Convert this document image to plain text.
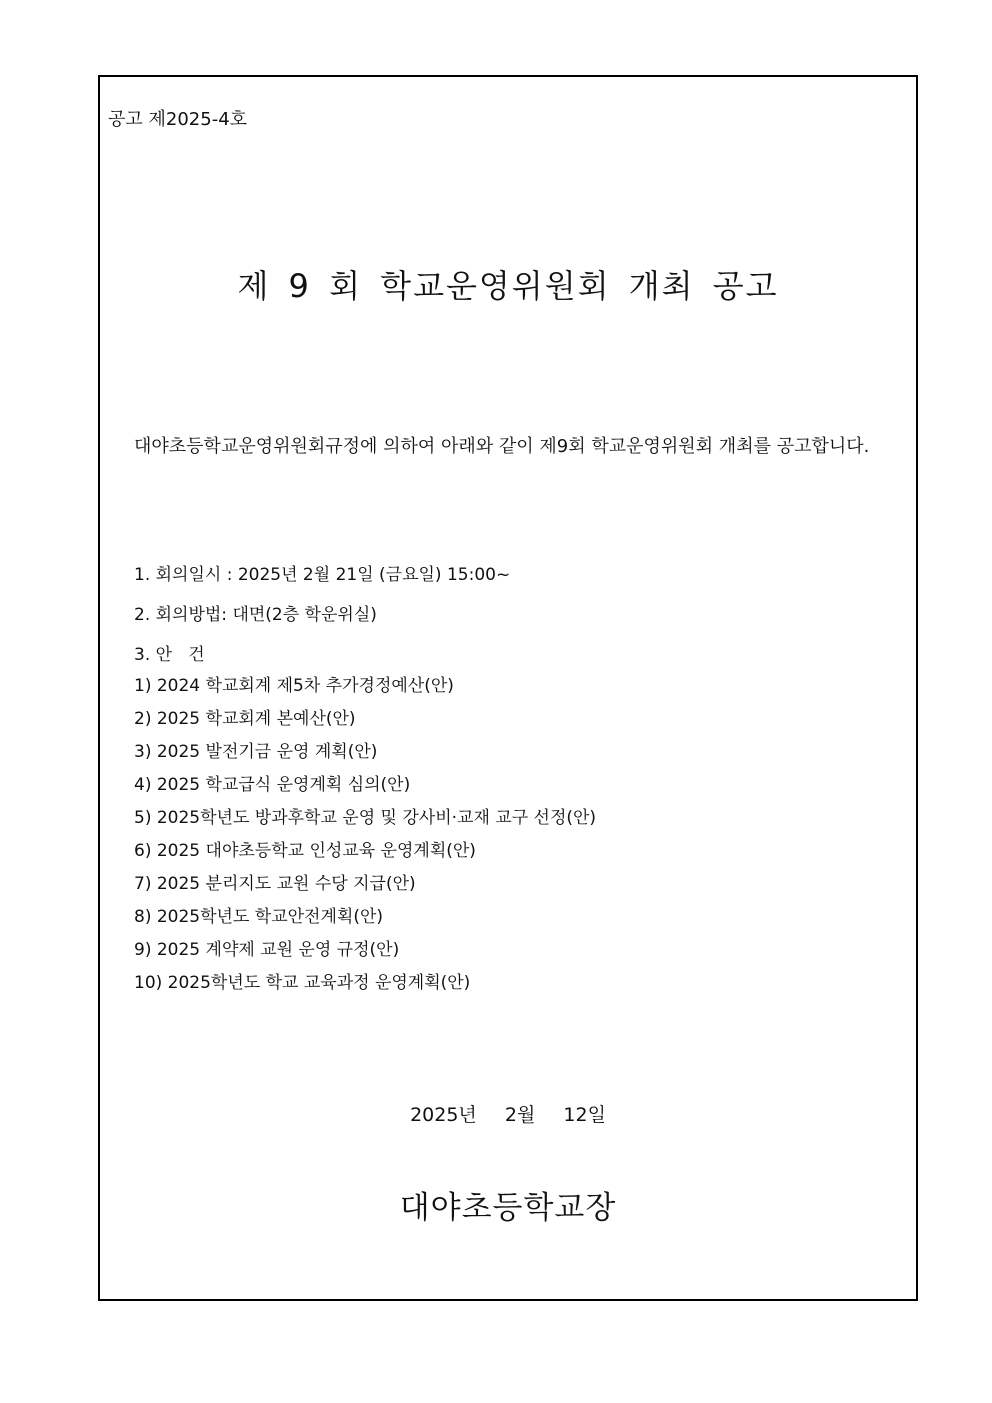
공고 제2025-4호
제 9 회 학교운영위원회 개최 공고
대야초등학교운영위원회규정에 의하여 아래와 같이 제9회 학교운영위원회 개최를 공고합니다.
1. 회의일시 : 2025년 2월 21일 (금요일) 15:00~
2. 회의방법: 대면(2층 학운위실)
3. 안   건
1) 2024 학교회계 제5차 추가경정예산(안)
2) 2025 학교회계 본예산(안)
3) 2025 발전기금 운영 계획(안)
4) 2025 학교급식 운영계획 심의(안)
5) 2025학년도 방과후학교 운영 및 강사비·교재 교구 선정(안)
6) 2025 대야초등학교 인성교육 운영계획(안)
7) 2025 분리지도 교원 수당 지급(안)
8) 2025학년도 학교안전계획(안)
9) 2025 계약제 교원 운영 규정(안)
10) 2025학년도 학교 교육과정 운영계획(안)
2025년  2월  12일
대야초등학교장
